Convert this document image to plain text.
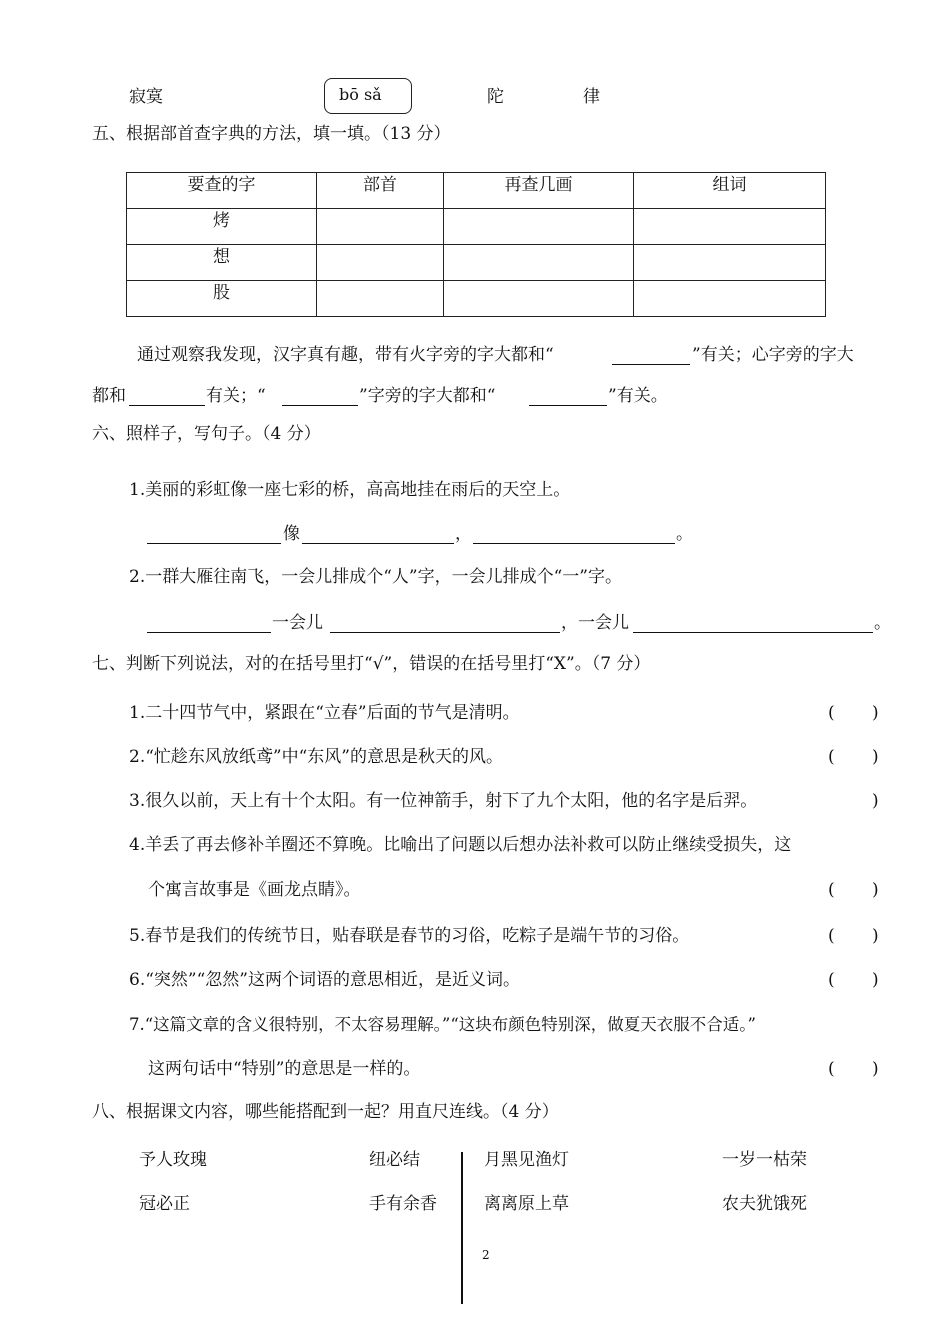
寂寞	bō sǎ	陀	律
五、根据部首查字典的方法，填一填。（13 分）
要查的字	部首	再查几画	组词
烤			
想			
股			
通过观察我发现，汉字真有趣，带有火字旁的字大都和“	”有关；心字旁的字大
都和	有关；“	”字旁的字大都和“	”有关。
六、照样子，写句子。（4 分）
1.美丽的彩虹像一座七彩的桥，高高地挂在雨后的天空上。
像	，	。
2.一群大雁往南飞，一会儿排成个“人”字，一会儿排成个“一”字。
一会儿	，一会儿	。
七、判断下列说法，对的在括号里打“√”，错误的在括号里打“X”。（7 分）
1.二十四节气中，紧跟在“立春”后面的节气是清明。	( )
2.“忙趁东风放纸鸢”中“东风”的意思是秋天的风。	( )
3.很久以前，天上有十个太阳。有一位神箭手，射下了九个太阳，他的名字是后羿。	)
4.羊丢了再去修补羊圈还不算晚。比喻出了问题以后想办法补救可以防止继续受损失，这
个寓言故事是《画龙点睛》。	( )
5.春节是我们的传统节日，贴春联是春节的习俗，吃粽子是端午节的习俗。	( )
6.“突然”“忽然”这两个词语的意思相近，是近义词。	( )
7.“这篇文章的含义很特别，不太容易理解。”“这块布颜色特别深，做夏天衣服不合适。”
这两句话中“特别”的意思是一样的。	( )
八、根据课文内容，哪些能搭配到一起？用直尺连线。（4 分）
予人玫瑰	纽必结	月黑见渔灯	一岁一枯荣
冠必正	手有余香	离离原上草	农夫犹饿死
2
